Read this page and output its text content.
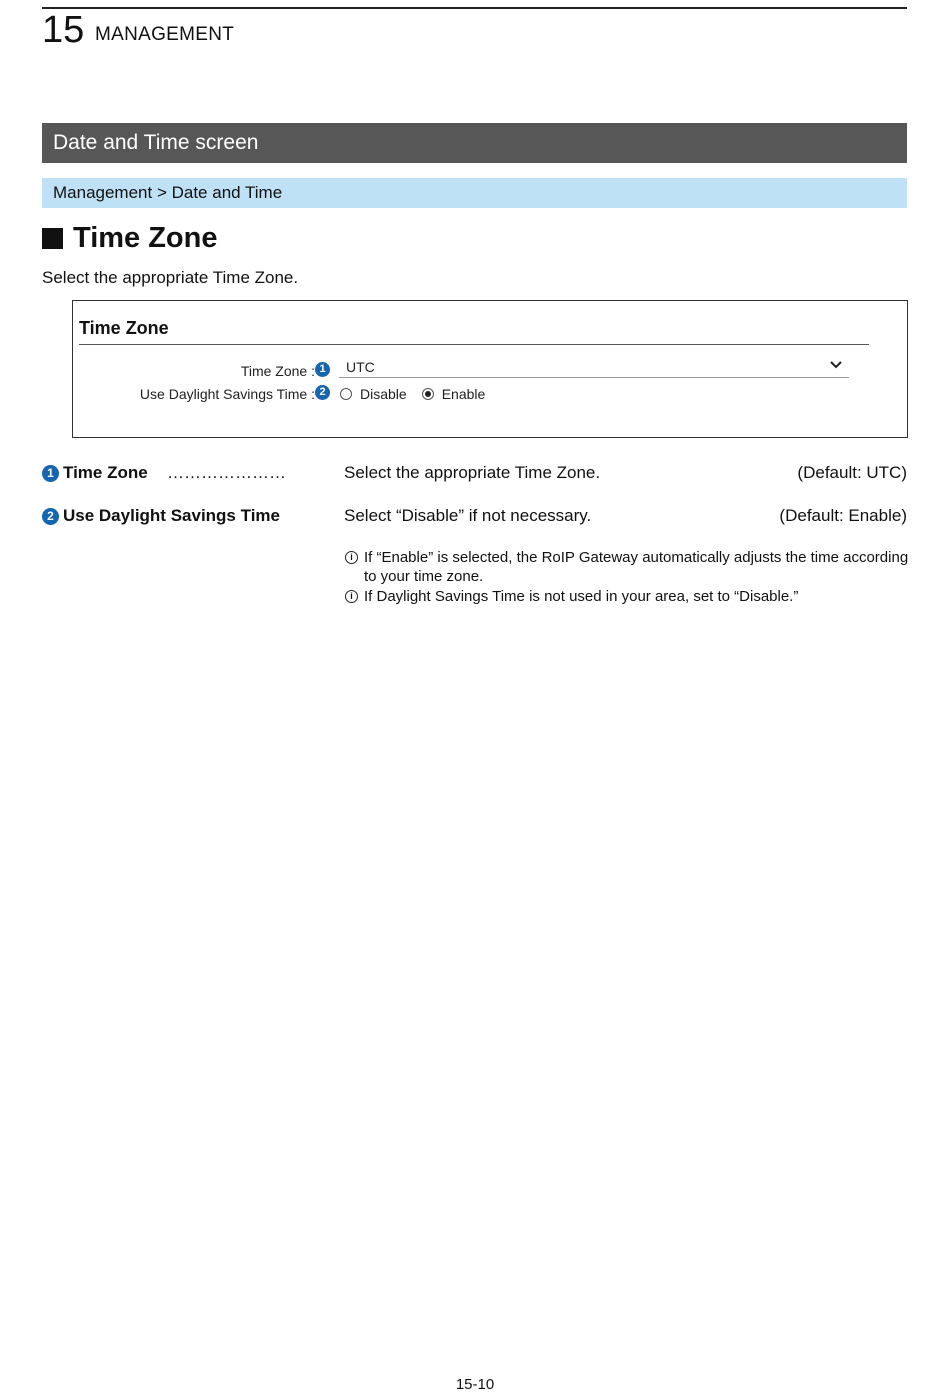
15 MANAGEMENT
Date and Time screen
Management > Date and Time
Time Zone
Select the appropriate Time Zone.
Time Zone
Time Zone : 1	UTC
Use Daylight Savings Time : 2	Disable	Enable
1 Time Zone …………………	Select the appropriate Time Zone.	(Default: UTC)
2 Use Daylight Savings Time	Select “Disable” if not necessary.	(Default: Enable)
i If “Enable” is selected, the RoIP Gateway automatically adjusts the time according to your time zone.
i If Daylight Savings Time is not used in your area, set to “Disable.”
15-10
